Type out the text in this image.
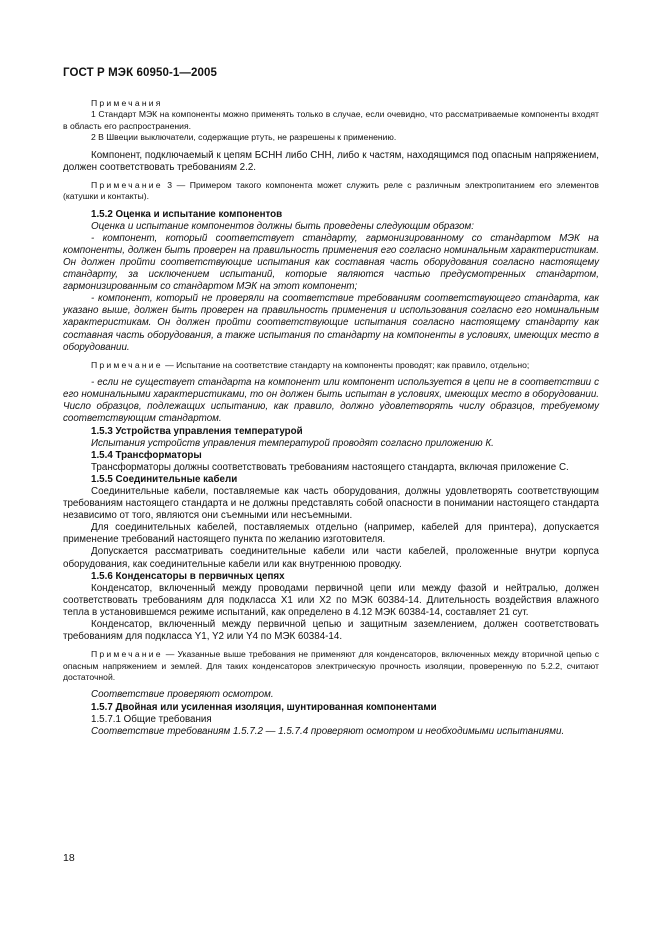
ГОСТ Р МЭК 60950-1—2005

Примечания

1 Стандарт МЭК на компоненты можно применять только в случае, если очевидно, что рассматриваемые компоненты входят в область его распространения.

2 В Швеции выключатели, содержащие ртуть, не разрешены к применению.

Компонент, подключаемый к цепям БСНН либо СНН, либо к частям, находящимся под опасным напряжением, должен соответствовать требованиям 2.2.

Примечание 3 — Примером такого компонента может служить реле с различным электропитанием его элементов (катушки и контакты).

1.5.2 Оценка и испытание компонентов

Оценка и испытание компонентов должны быть проведены следующим образом:

- компонент, который соответствует стандарту, гармонизированному со стандартом МЭК на компоненты, должен быть проверен на правильность применения его согласно номинальным характеристикам. Он должен пройти соответствующие испытания как составная часть оборудования согласно настоящему стандарту, за исключением испытаний, которые являются частью предусмотренных стандартом, гармонизированным со стандартом МЭК на этот компонент;

- компонент, который не проверяли на соответствие требованиям соответствующего стандарта, как указано выше, должен быть проверен на правильность применения и использования согласно его номинальным характеристикам. Он должен пройти соответствующие испытания согласно настоящему стандарту как составная часть оборудования, а также испытания по стандарту на компоненты в условиях, имеющих место в оборудовании.

Примечание — Испытание на соответствие стандарту на компоненты проводят; как правило, отдельно;

- если не существует стандарта на компонент или компонент используется в цепи не в соответствии с его номинальными характеристиками, то он должен быть испытан в условиях, имеющих место в оборудовании. Число образцов, подлежащих испытанию, как правило, должно удовлетворять числу образцов, требуемому соответствующим стандартом.

1.5.3 Устройства управления температурой

Испытания устройств управления температурой проводят согласно приложению К.

1.5.4 Трансформаторы

Трансформаторы должны соответствовать требованиям настоящего стандарта, включая приложение С.

1.5.5 Соединительные кабели

Соединительные кабели, поставляемые как часть оборудования, должны удовлетворять соответствующим требованиям настоящего стандарта и не должны представлять собой опасности в понимании настоящего стандарта независимо от того, являются они съемными или несъемными.

Для соединительных кабелей, поставляемых отдельно (например, кабелей для принтера), допускается применение требований настоящего пункта по желанию изготовителя.

Допускается рассматривать соединительные кабели или части кабелей, проложенные внутри корпуса оборудования, как соединительные кабели или как внутреннюю проводку.

1.5.6 Конденсаторы в первичных цепях

Конденсатор, включенный между проводами первичной цепи или между фазой и нейтралью, должен соответствовать требованиям для подкласса Х1 или Х2 по МЭК 60384-14. Длительность воздействия влажного тепла в установившемся режиме испытаний, как определено в 4.12 МЭК 60384-14, составляет 21 сут.

Конденсатор, включенный между первичной цепью и защитным заземлением, должен соответствовать требованиям для подкласса Y1, Y2 или Y4 по МЭК 60384-14.

Примечание — Указанные выше требования не применяют для конденсаторов, включенных между вторичной цепью с опасным напряжением и землей. Для таких конденсаторов электрическую прочность изоляции, проверенную по 5.2.2, считают достаточной.

Соответствие проверяют осмотром.

1.5.7 Двойная или усиленная изоляция, шунтированная компонентами

1.5.7.1 Общие требования

Соответствие требованиям 1.5.7.2 — 1.5.7.4 проверяют осмотром и необходимыми испытаниями.

18
